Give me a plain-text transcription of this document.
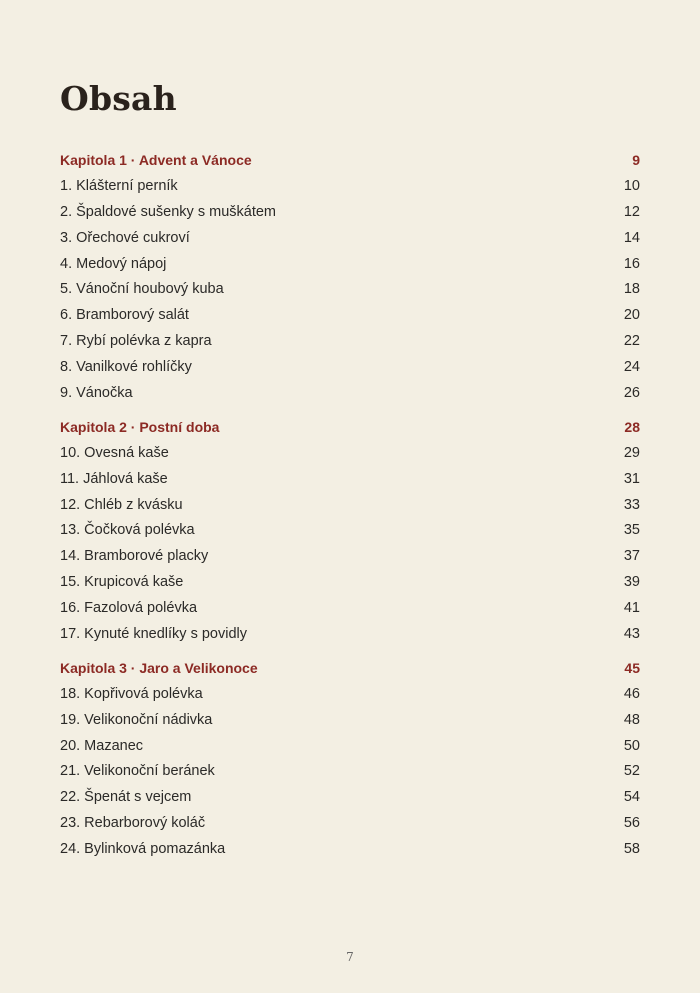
Obsah
Kapitola 1 · Advent a Vánoce	9
1. Klášterní perník	10
2. Špaldové sušenky s muškátem	12
3. Ořechové cukroví	14
4. Medový nápoj	16
5. Vánoční houbový kuba	18
6. Bramborový salát	20
7. Rybí polévka z kapra	22
8. Vanilkové rohlíčky	24
9. Vánočka	26
Kapitola 2 · Postní doba	28
10. Ovesná kaše	29
11. Jáhlová kaše	31
12. Chléb z kvásku	33
13. Čočková polévka	35
14. Bramborové placky	37
15. Krupicová kaše	39
16. Fazolová polévka	41
17. Kynuté knedlíky s povidly	43
Kapitola 3 · Jaro a Velikonoce	45
18. Kopřivová polévka	46
19. Velikonoční nádivka	48
20. Mazanec	50
21. Velikonoční beránek	52
22. Špenát s vejcem	54
23. Rebarborový koláč	56
24. Bylinková pomazánka	58
7
